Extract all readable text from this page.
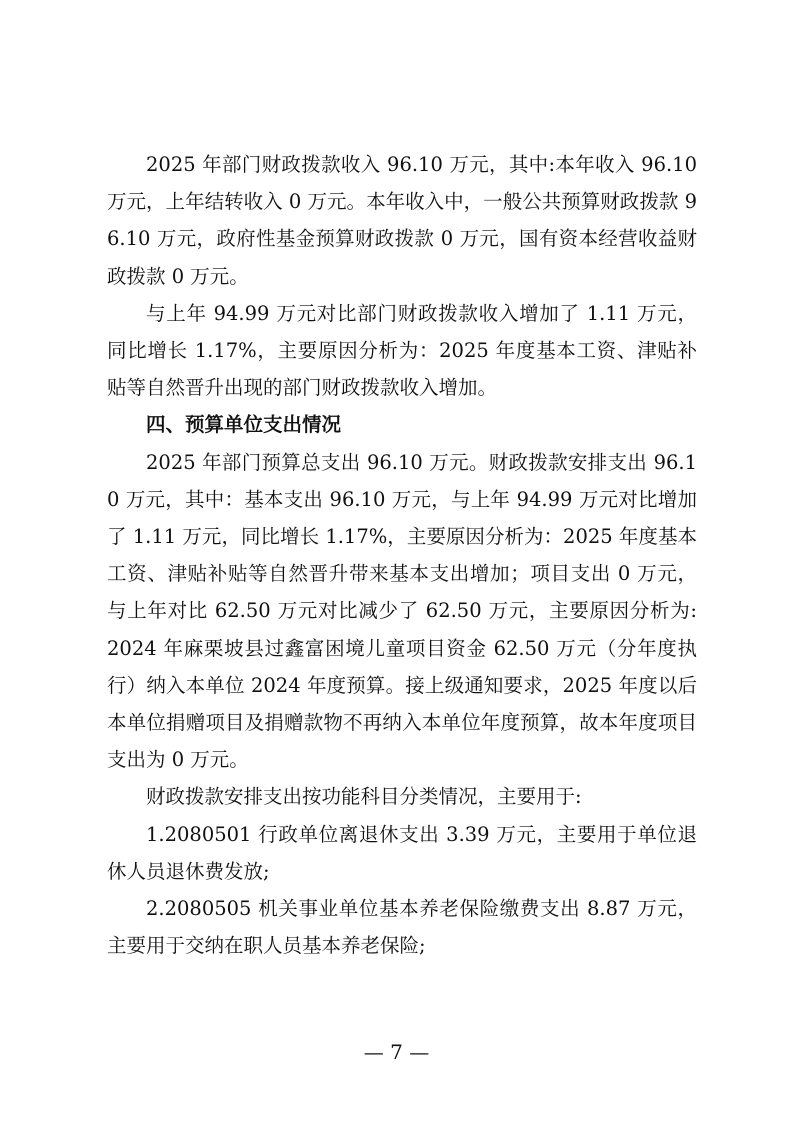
2025 年部门财政拨款收入 96.10 万元，其中:本年收入 96.10 万元，上年结转收入 0 万元。本年收入中，一般公共预算财政拨款 96.10 万元，政府性基金预算财政拨款 0 万元，国有资本经营收益财政拨款 0 万元。

与上年 94.99 万元对比部门财政拨款收入增加了 1.11 万元，同比增长 1.17%，主要原因分析为：2025 年度基本工资、津贴补贴等自然晋升出现的部门财政拨款收入增加。

四、预算单位支出情况

2025 年部门预算总支出 96.10 万元。财政拨款安排支出 96.10 万元，其中：基本支出 96.10 万元，与上年 94.99 万元对比增加了 1.11 万元，同比增长 1.17%，主要原因分析为：2025 年度基本工资、津贴补贴等自然晋升带来基本支出增加；项目支出 0 万元，与上年对比 62.50 万元对比减少了 62.50 万元，主要原因分析为: 2024 年麻栗坡县过鑫富困境儿童项目资金 62.50 万元（分年度执行）纳入本单位 2024 年度预算。接上级通知要求，2025 年度以后本单位捐赠项目及捐赠款物不再纳入本单位年度预算，故本年度项目支出为 0 万元。

财政拨款安排支出按功能科目分类情况，主要用于:

1.2080501 行政单位离退休支出 3.39 万元，主要用于单位退休人员退休费发放;

2.2080505 机关事业单位基本养老保险缴费支出 8.87 万元，主要用于交纳在职人员基本养老保险;

— 7 —
